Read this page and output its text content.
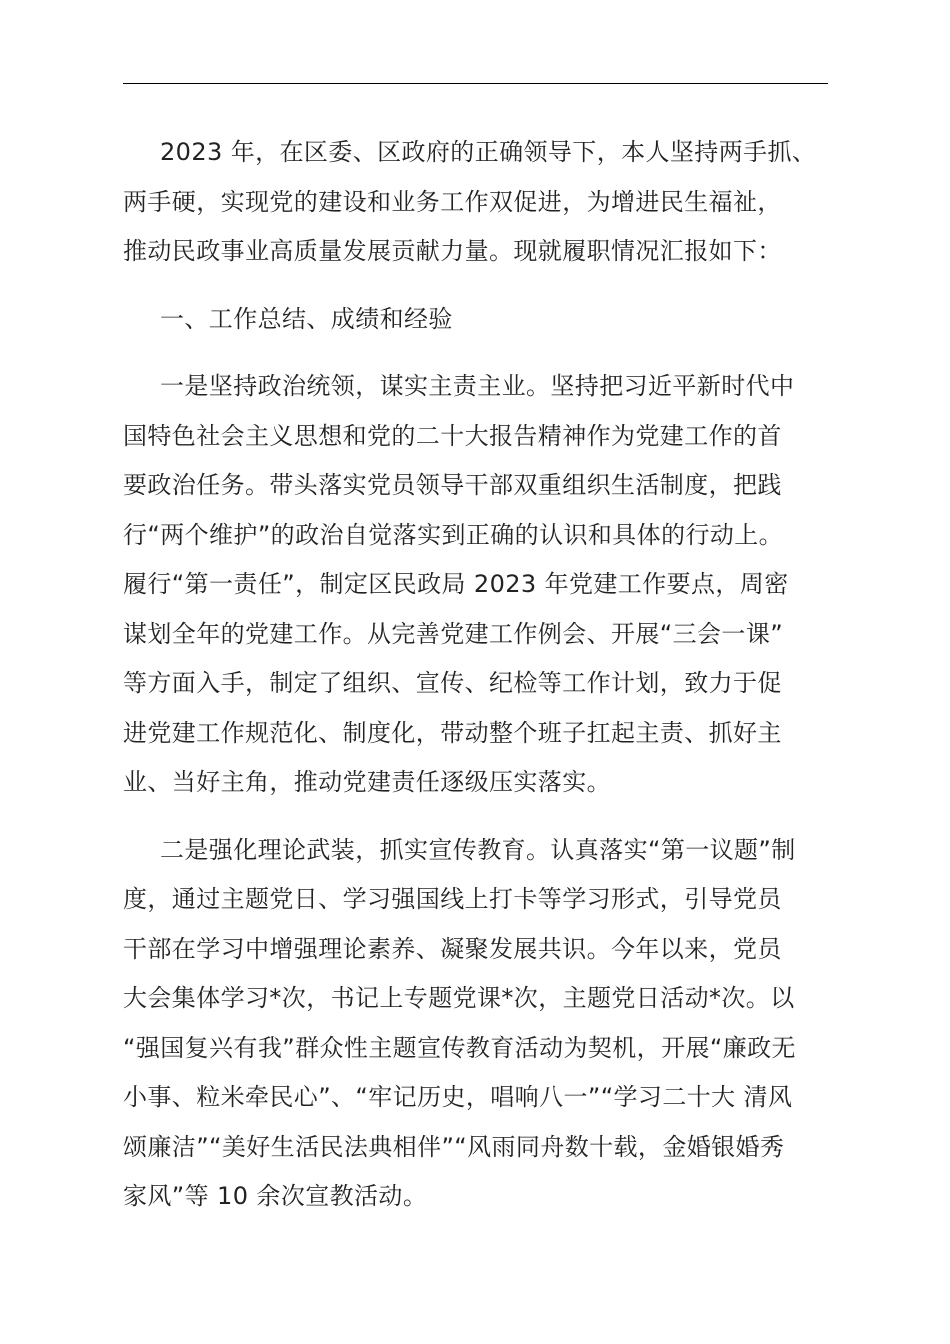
2023 年，在区委、区政府的正确领导下，本人坚持两手抓、
两手硬，实现党的建设和业务工作双促进，为增进民生福祉，
推动民政事业高质量发展贡献力量。现就履职情况汇报如下：

一、工作总结、成绩和经验

一是坚持政治统领，谋实主责主业。坚持把习近平新时代中
国特色社会主义思想和党的二十大报告精神作为党建工作的首
要政治任务。带头落实党员领导干部双重组织生活制度，把践
行“两个维护”的政治自觉落实到正确的认识和具体的行动上。
履行“第一责任”，制定区民政局 2023 年党建工作要点，周密
谋划全年的党建工作。从完善党建工作例会、开展“三会一课”
等方面入手，制定了组织、宣传、纪检等工作计划，致力于促
进党建工作规范化、制度化，带动整个班子扛起主责、抓好主
业、当好主角，推动党建责任逐级压实落实。

二是强化理论武装，抓实宣传教育。认真落实“第一议题”制
度，通过主题党日、学习强国线上打卡等学习形式，引导党员
干部在学习中增强理论素养、凝聚发展共识。今年以来，党员
大会集体学习*次，书记上专题党课*次，主题党日活动*次。以
“强国复兴有我”群众性主题宣传教育活动为契机，开展“廉政无
小事、粒米牵民心”、“牢记历史，唱响八一”“学习二十大 清风
颂廉洁”“美好生活民法典相伴”“风雨同舟数十载，金婚银婚秀
家风”等 10 余次宣教活动。
